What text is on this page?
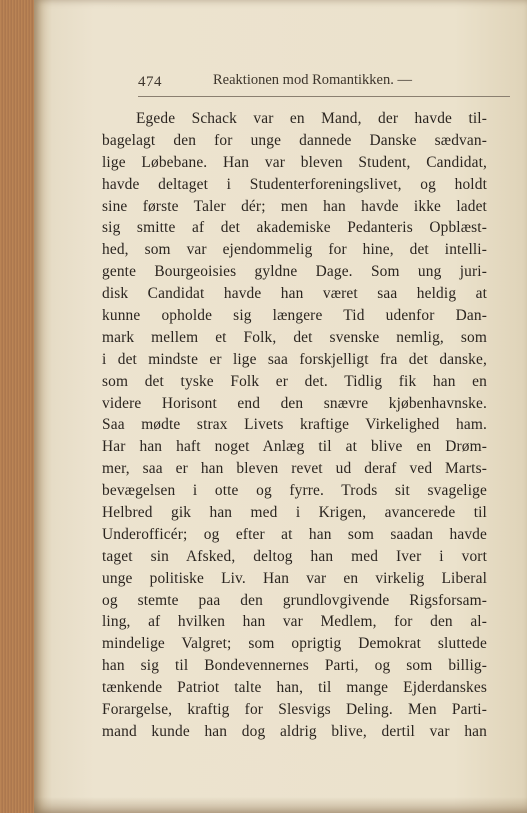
474	Reaktionen mod Romantikken. —
Egede Schack var en Mand, der havde til-
bagelagt den for unge dannede Danske sædvan-
lige Løbebane. Han var bleven Student, Candidat,
havde deltaget i Studenterforeningslivet, og holdt
sine første Taler dér; men han havde ikke ladet
sig smitte af det akademiske Pedanteris Opblæst-
hed, som var ejendommelig for hine, det intelli-
gente Bourgeoisies gyldne Dage. Som ung juri-
disk Candidat havde han været saa heldig at
kunne opholde sig længere Tid udenfor Dan-
mark mellem et Folk, det svenske nemlig, som
i det mindste er lige saa forskjelligt fra det danske,
som det tyske Folk er det. Tidlig fik han en
videre Horisont end den snævre kjøbenhavnske.
Saa mødte strax Livets kraftige Virkelighed ham.
Har han haft noget Anlæg til at blive en Drøm-
mer, saa er han bleven revet ud deraf ved Marts-
bevægelsen i otte og fyrre. Trods sit svagelige
Helbred gik han med i Krigen, avancerede til
Underofficér; og efter at han som saadan havde
taget sin Afsked, deltog han med Iver i vort
unge politiske Liv. Han var en virkelig Liberal
og stemte paa den grundlovgivende Rigsforsam-
ling, af hvilken han var Medlem, for den al-
mindelige Valgret; som oprigtig Demokrat sluttede
han sig til Bondevennernes Parti, og som billig-
tænkende Patriot talte han, til mange Ejderdanskes
Forargelse, kraftig for Slesvigs Deling. Men Parti-
mand kunde han dog aldrig blive, dertil var han
